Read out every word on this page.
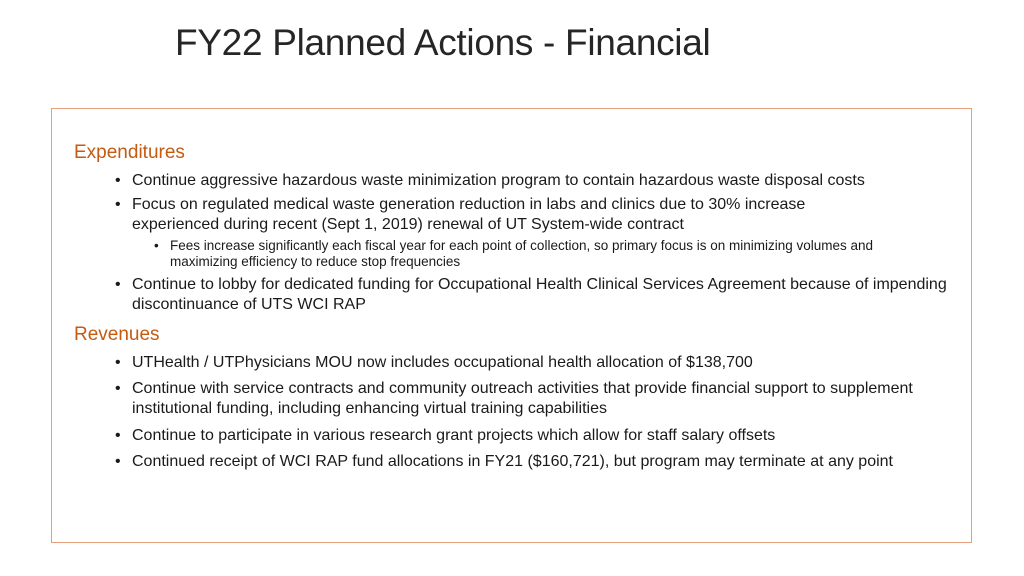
FY22 Planned Actions - Financial
Expenditures
• Continue aggressive hazardous waste minimization program to contain hazardous waste disposal costs
• Focus on regulated medical waste generation reduction in labs and clinics due to 30% increase experienced during recent (Sept 1, 2019) renewal of UT System-wide contract
• Fees increase significantly each fiscal year for each point of collection, so primary focus is on minimizing volumes and maximizing efficiency to reduce stop frequencies
• Continue to lobby for dedicated funding for Occupational Health Clinical Services Agreement because of impending discontinuance of UTS WCI RAP
Revenues
• UTHealth / UTPhysicians MOU now includes occupational health allocation of $138,700
• Continue with service contracts and community outreach activities that provide financial support to supplement institutional funding, including enhancing virtual training capabilities
• Continue to participate in various research grant projects which allow for staff salary offsets
• Continued receipt of WCI RAP fund allocations in FY21 ($160,721), but program may terminate at any point
